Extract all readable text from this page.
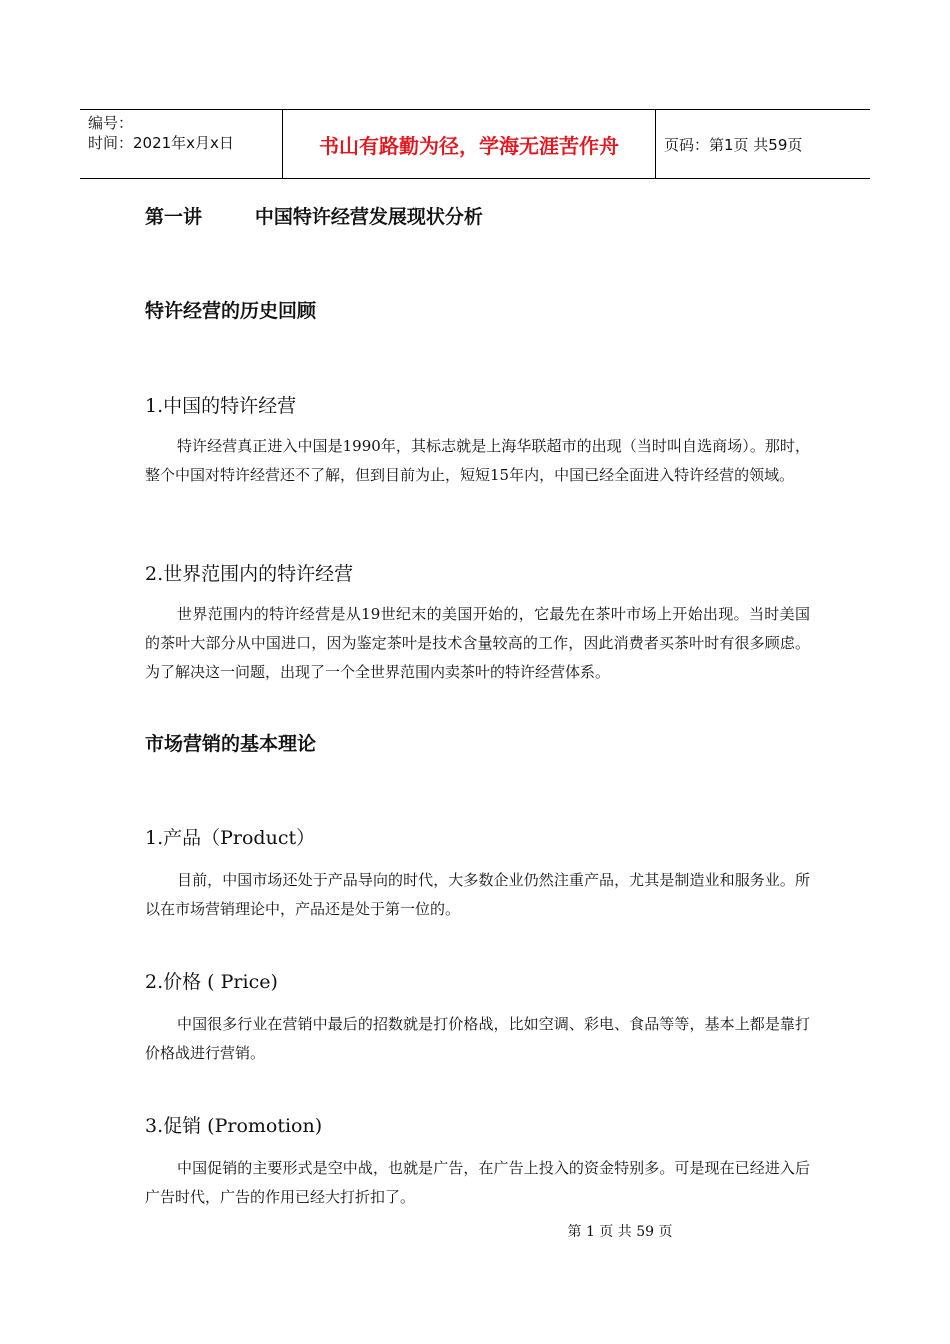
编号：
时间：2021年x月x日	书山有路勤为径，学海无涯苦作舟	页码：第1页 共59页
第一讲        中国特许经营发展现状分析
特许经营的历史回顾
1.中国的特许经营
特许经营真正进入中国是1990年，其标志就是上海华联超市的出现（当时叫自选商场）。那时，整个中国对特许经营还不了解，但到目前为止，短短15年内，中国已经全面进入特许经营的领域。
2.世界范围内的特许经营
世界范围内的特许经营是从19世纪末的美国开始的，它最先在茶叶市场上开始出现。当时美国的茶叶大部分从中国进口，因为鉴定茶叶是技术含量较高的工作，因此消费者买茶叶时有很多顾虑。为了解决这一问题，出现了一个全世界范围内卖茶叶的特许经营体系。
市场营销的基本理论
1.产品（Product）
目前，中国市场还处于产品导向的时代，大多数企业仍然注重产品，尤其是制造业和服务业。所以在市场营销理论中，产品还是处于第一位的。
2.价格 ( Price)
中国很多行业在营销中最后的招数就是打价格战，比如空调、彩电、食品等等，基本上都是靠打价格战进行营销。
3.促销 (Promotion)
中国促销的主要形式是空中战，也就是广告，在广告上投入的资金特别多。可是现在已经进入后广告时代，广告的作用已经大打折扣了。
第 1 页 共 59 页
